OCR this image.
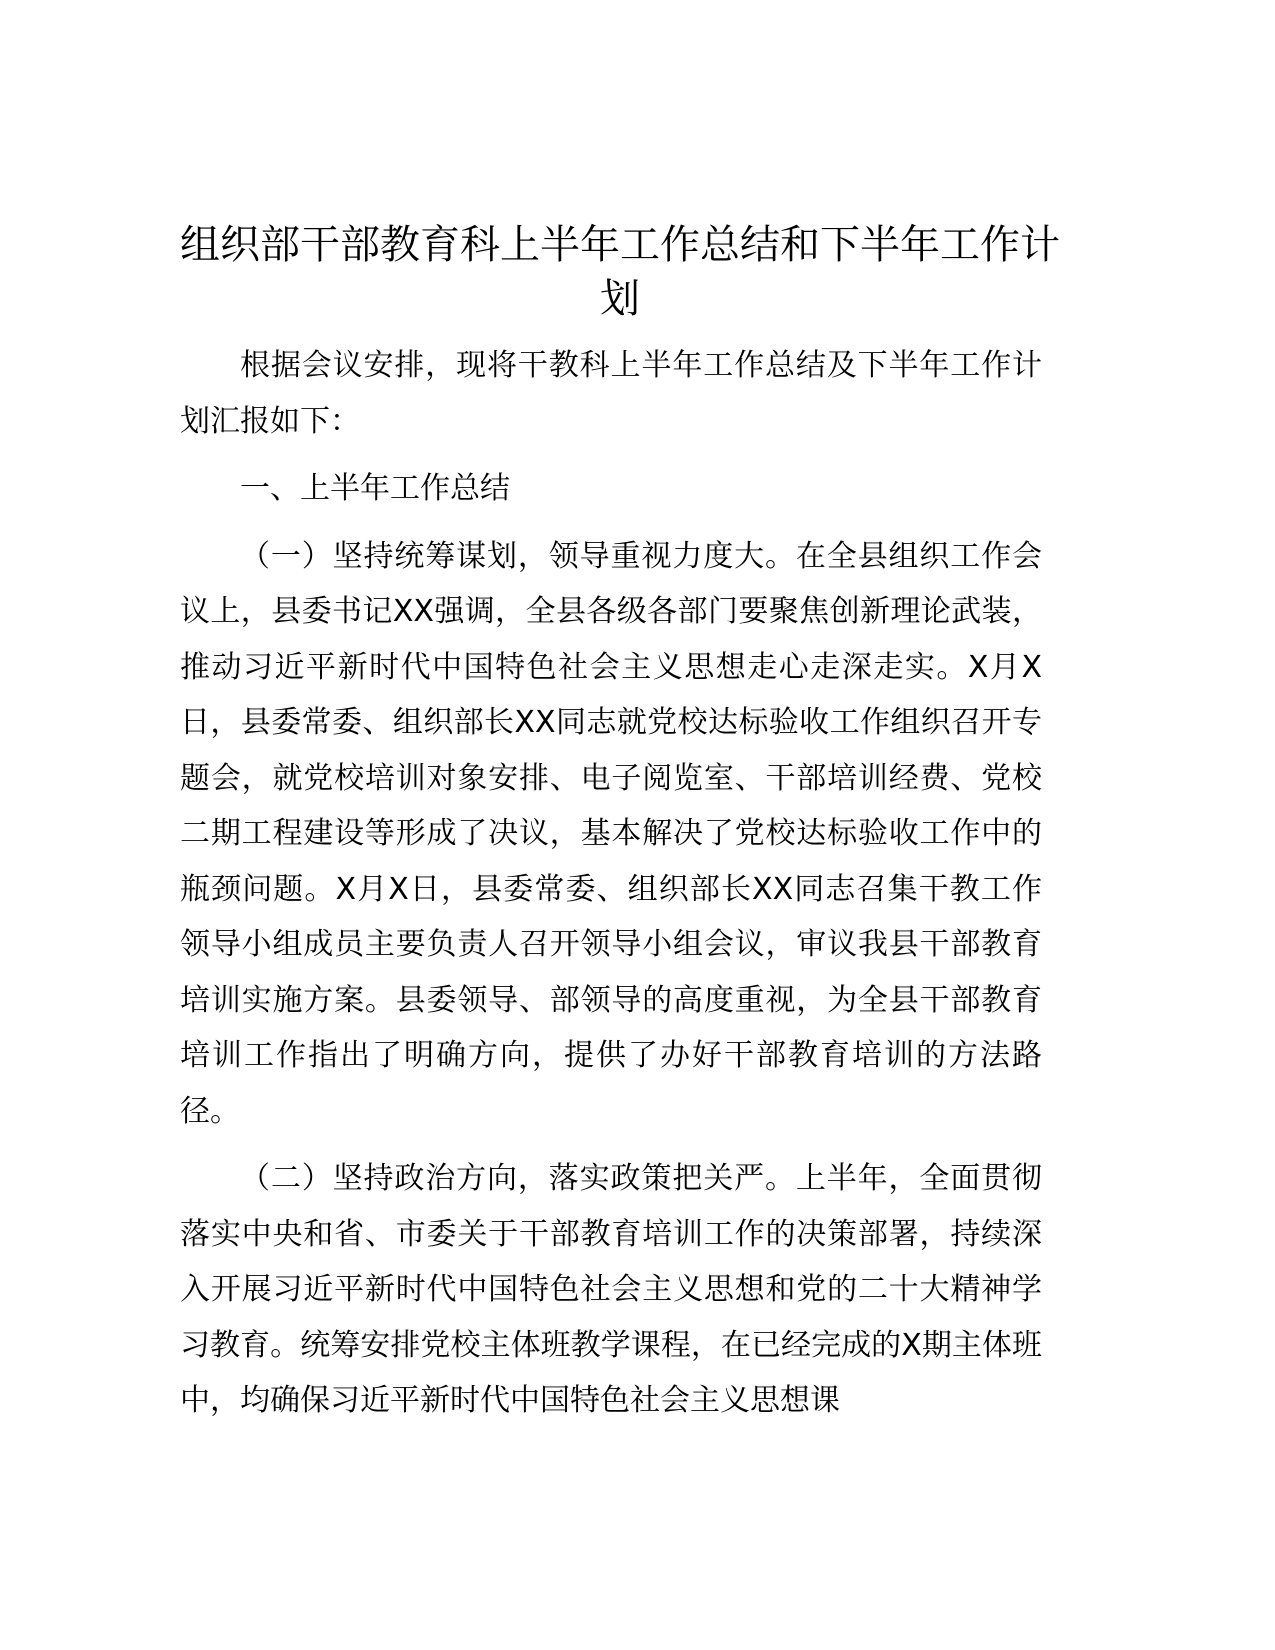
组织部干部教育科上半年工作总结和下半年工作计划

根据会议安排，现将干教科上半年工作总结及下半年工作计划汇报如下：

一、上半年工作总结

（一）坚持统筹谋划，领导重视力度大。在全县组织工作会议上，县委书记XX强调，全县各级各部门要聚焦创新理论武装，推动习近平新时代中国特色社会主义思想走心走深走实。X月X日，县委常委、组织部长XX同志就党校达标验收工作组织召开专题会，就党校培训对象安排、电子阅览室、干部培训经费、党校二期工程建设等形成了决议，基本解决了党校达标验收工作中的瓶颈问题。X月X日，县委常委、组织部长XX同志召集干教工作领导小组成员主要负责人召开领导小组会议，审议我县干部教育培训实施方案。县委领导、部领导的高度重视，为全县干部教育培训工作指出了明确方向，提供了办好干部教育培训的方法路径。

（二）坚持政治方向，落实政策把关严。上半年，全面贯彻落实中央和省、市委关于干部教育培训工作的决策部署，持续深入开展习近平新时代中国特色社会主义思想和党的二十大精神学习教育。统筹安排党校主体班教学课程，在已经完成的X期主体班中，均确保习近平新时代中国特色社会主义思想课
